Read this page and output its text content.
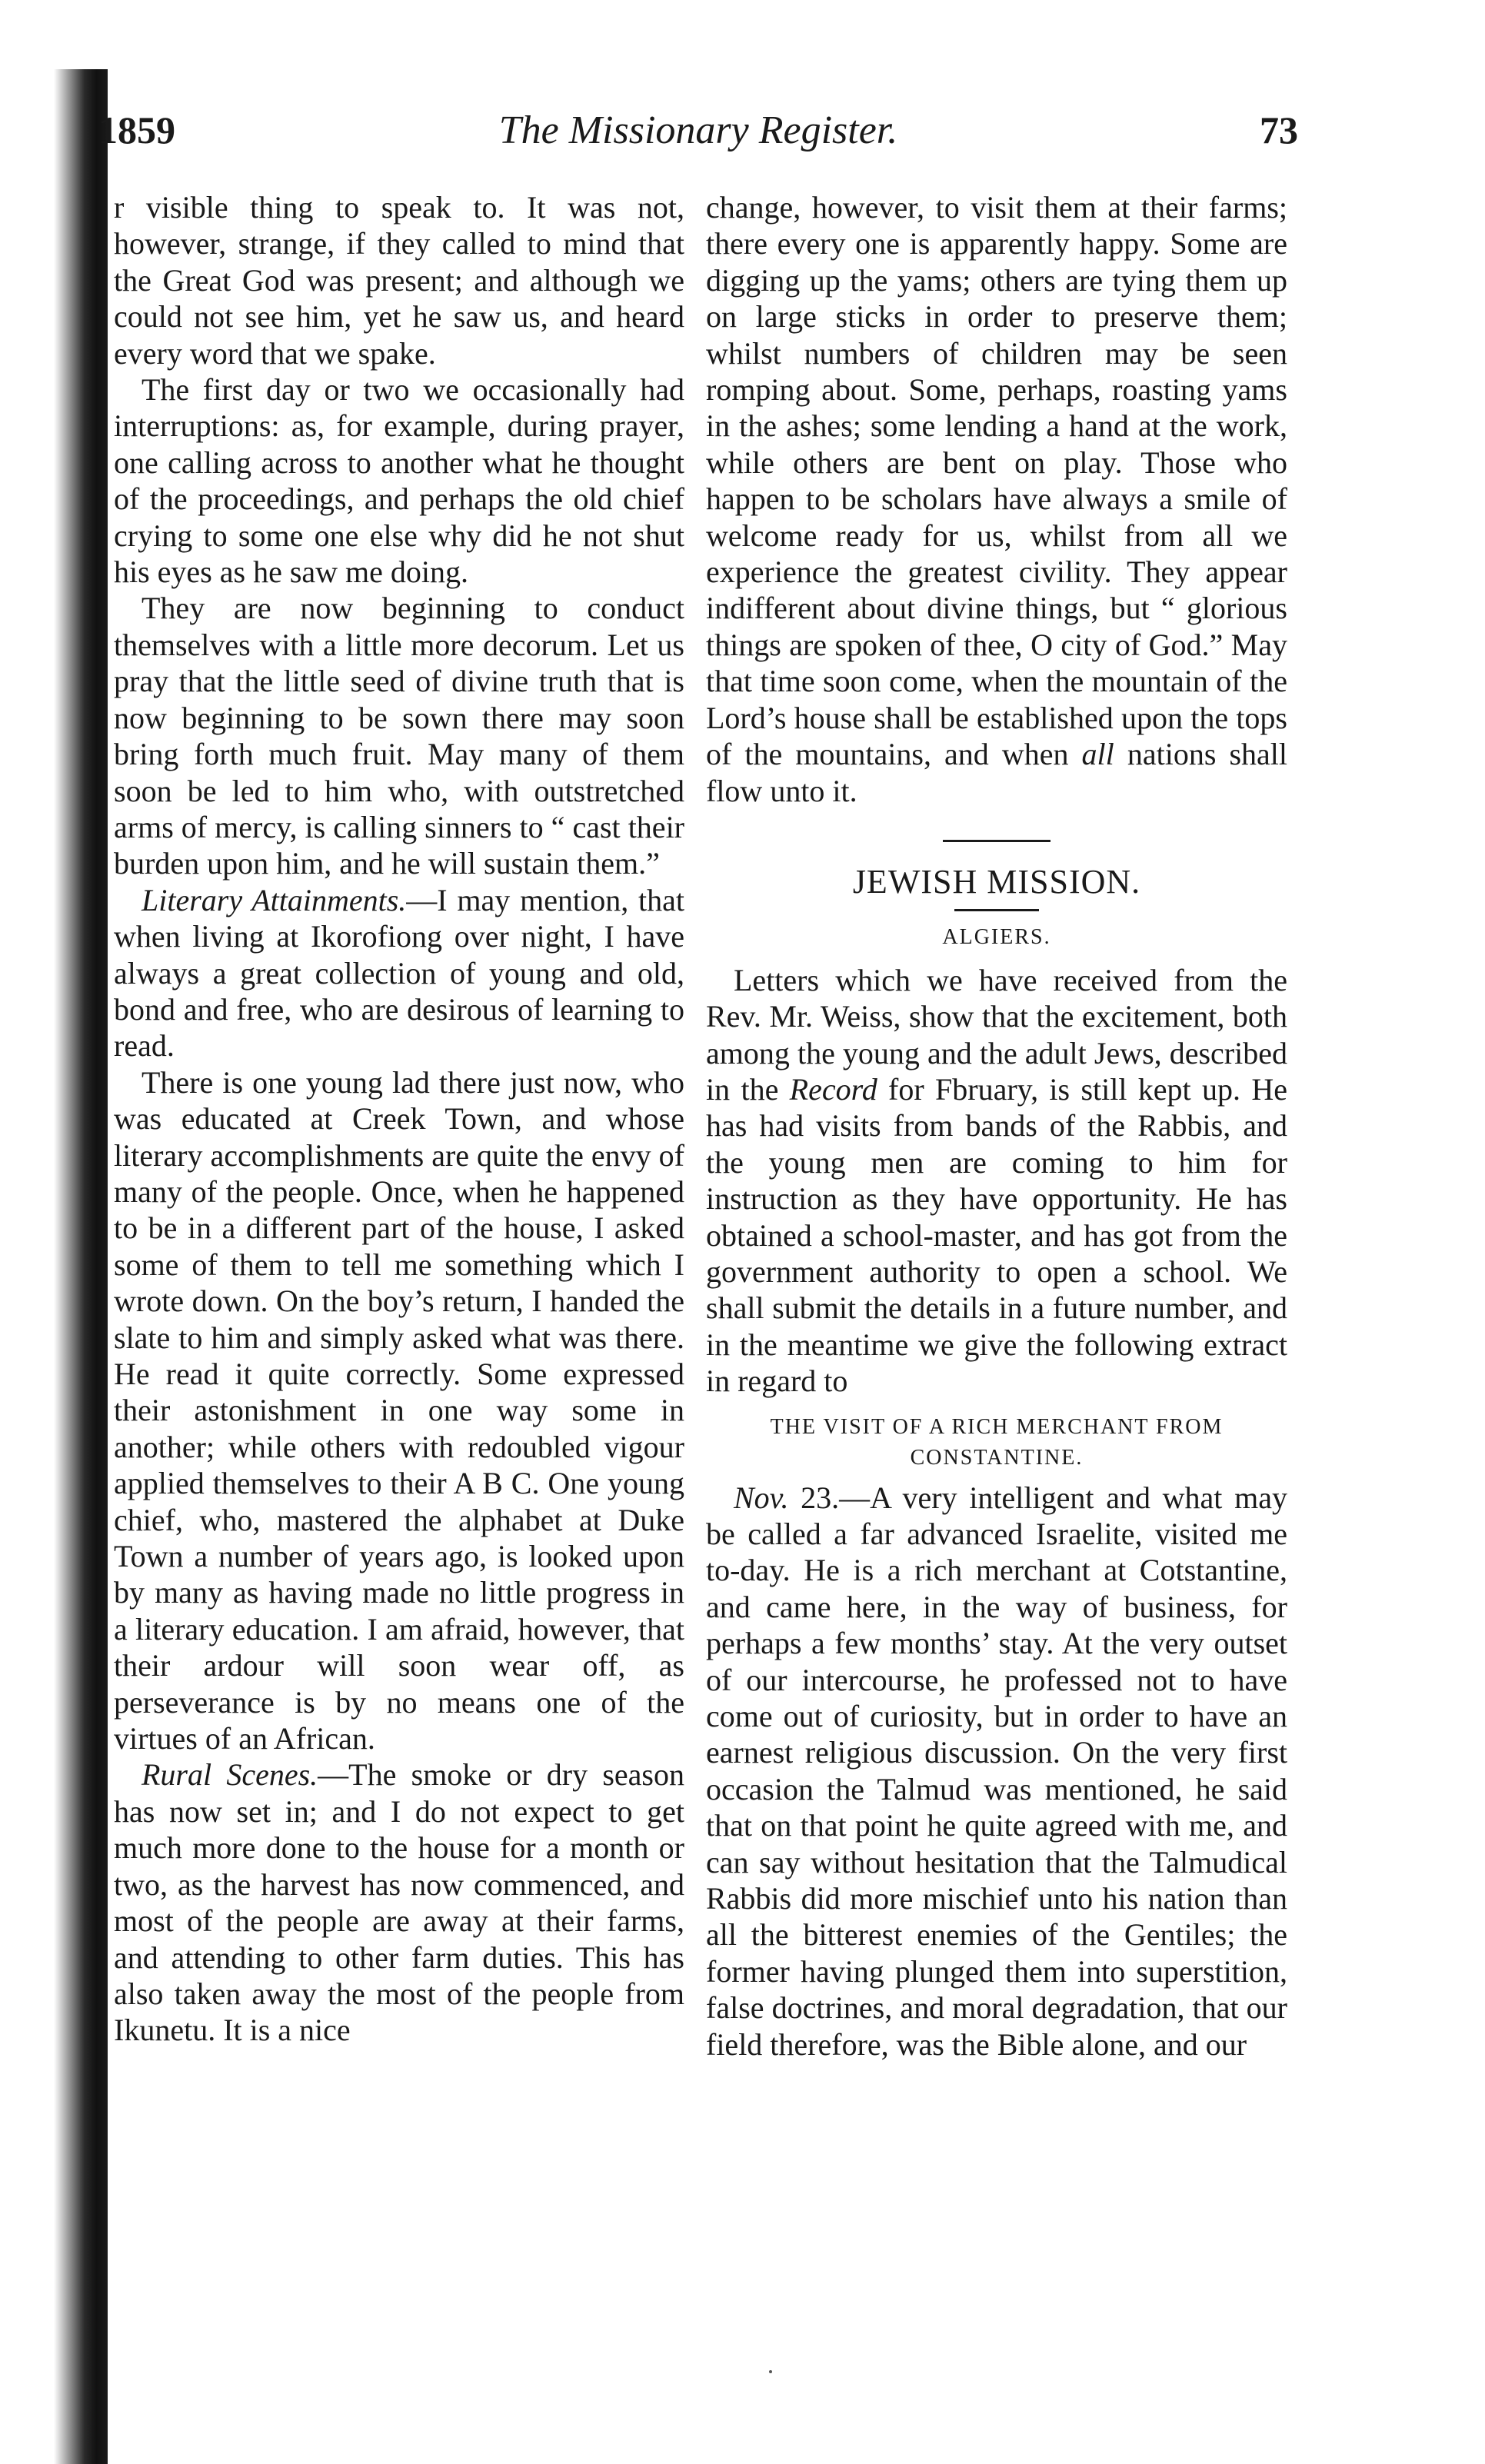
1859	The Missionary Register.	73

r visible thing to speak to. It was not, however, strange, if they called to mind that the Great God was present; and although we could not see him, yet he saw us, and heard every word that we spake.

The first day or two we occasionally had interruptions: as, for example, during prayer, one calling across to another what he thought of the proceedings, and perhaps the old chief crying to some one else why did he not shut his eyes as he saw me doing.

They are now beginning to conduct themselves with a little more decorum. Let us pray that the little seed of divine truth that is now beginning to be sown there may soon bring forth much fruit. May many of them soon be led to him who, with outstretched arms of mercy, is calling sinners to “ cast their burden upon him, and he will sustain them.”

Literary Attainments.—I may mention, that when living at Ikorofiong over night, I have always a great collection of young and old, bond and free, who are desirous of learning to read.

There is one young lad there just now, who was educated at Creek Town, and whose literary accomplishments are quite the envy of many of the people. Once, when he happened to be in a different part of the house, I asked some of them to tell me something which I wrote down. On the boy’s return, I handed the slate to him and simply asked what was there. He read it quite correctly. Some expressed their astonishment in one way some in another; while others with redoubled vigour applied themselves to their A B C. One young chief, who, mastered the alphabet at Duke Town a number of years ago, is looked upon by many as having made no little progress in a literary education. I am afraid, however, that their ardour will soon wear off, as perseverance is by no means one of the virtues of an African.

Rural Scenes.—The smoke or dry season has now set in; and I do not expect to get much more done to the house for a month or two, as the harvest has now commenced, and most of the people are away at their farms, and attending to other farm duties. This has also taken away the most of the people from Ikunetu. It is a nice

change, however, to visit them at their farms; there every one is apparently happy. Some are digging up the yams; others are tying them up on large sticks in order to preserve them; whilst numbers of children may be seen romping about. Some, perhaps, roasting yams in the ashes; some lending a hand at the work, while others are bent on play. Those who happen to be scholars have always a smile of welcome ready for us, whilst from all we experience the greatest civility. They appear indifferent about divine things, but “ glorious things are spoken of thee, O city of God.” May that time soon come, when the mountain of the Lord’s house shall be established upon the tops of the mountains, and when all nations shall flow unto it.

JEWISH MISSION.

ALGIERS.

Letters which we have received from the Rev. Mr. Weiss, show that the excitement, both among the young and the adult Jews, described in the Record for Fbruary, is still kept up. He has had visits from bands of the Rabbis, and the young men are coming to him for instruction as they have opportunity. He has obtained a school-master, and has got from the government authority to open a school. We shall submit the details in a future number, and in the meantime we give the following extract in regard to

THE VISIT OF A RICH MERCHANT FROM CONSTANTINE.

Nov. 23.—A very intelligent and what may be called a far advanced Israelite, visited me to-day. He is a rich merchant at Cotstantine, and came here, in the way of business, for perhaps a few months’ stay. At the very outset of our intercourse, he professed not to have come out of curiosity, but in order to have an earnest religious discussion. On the very first occasion the Talmud was mentioned, he said that on that point he quite agreed with me, and can say without hesitation that the Talmudical Rabbis did more mischief unto his nation than all the bitterest enemies of the Gentiles; the former having plunged them into superstition, false doctrines, and moral degradation, that our field therefore, was the Bible alone, and our
